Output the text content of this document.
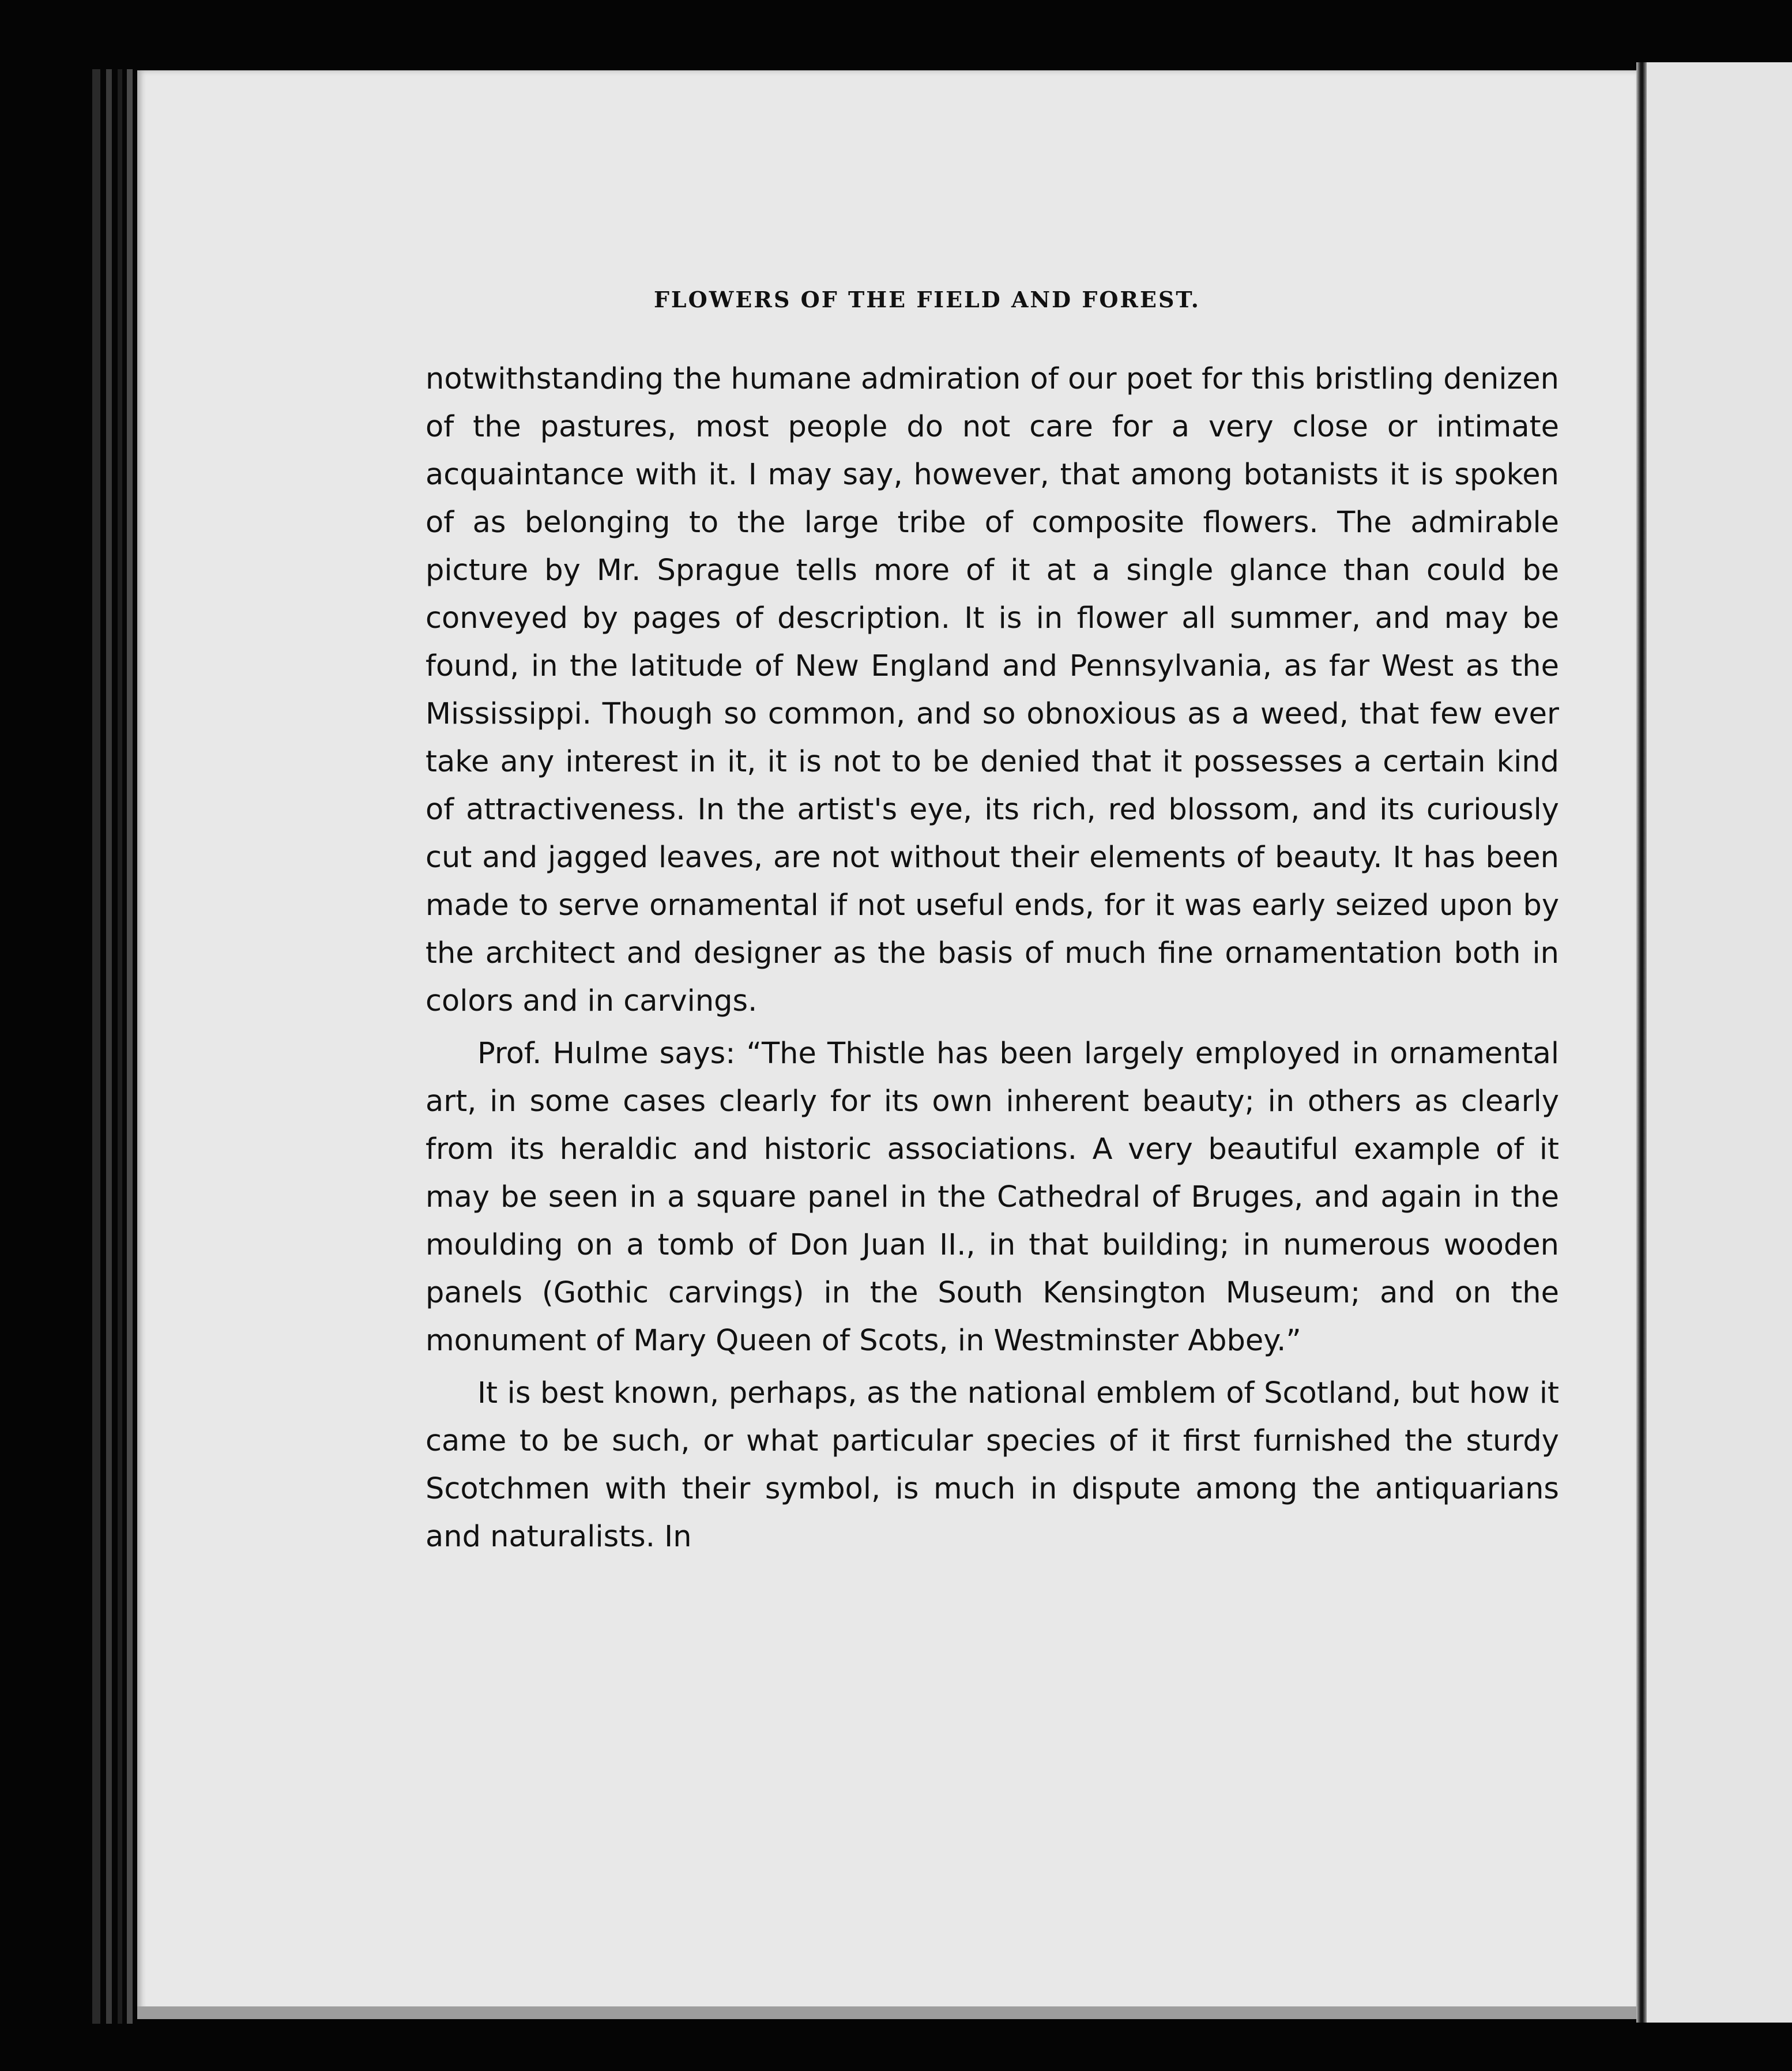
FLOWERS OF THE FIELD AND FOREST.

notwithstanding the humane admiration of our poet for this bristling denizen of the pastures, most people do not care for a very close or intimate acquaintance with it. I may say, however, that among botanists it is spoken of as belonging to the large tribe of composite flowers. The admirable picture by Mr. Sprague tells more of it at a single glance than could be conveyed by pages of description. It is in flower all summer, and may be found, in the latitude of New England and Pennsylvania, as far West as the Mississippi. Though so common, and so obnoxious as a weed, that few ever take any interest in it, it is not to be denied that it possesses a certain kind of attractiveness. In the artist's eye, its rich, red blossom, and its curiously cut and jagged leaves, are not without their elements of beauty. It has been made to serve ornamental if not useful ends, for it was early seized upon by the architect and designer as the basis of much fine ornamentation both in colors and in carvings.

Prof. Hulme says: “The Thistle has been largely employed in ornamental art, in some cases clearly for its own inherent beauty; in others as clearly from its heraldic and historic associations. A very beautiful example of it may be seen in a square panel in the Cathedral of Bruges, and again in the moulding on a tomb of Don Juan II., in that building; in numerous wooden panels (Gothic carvings) in the South Kensington Museum; and on the monument of Mary Queen of Scots, in Westminster Abbey.”

It is best known, perhaps, as the national emblem of Scotland, but how it came to be such, or what particular species of it first furnished the sturdy Scotchmen with their symbol, is much in dispute among the antiquarians and naturalists. In
